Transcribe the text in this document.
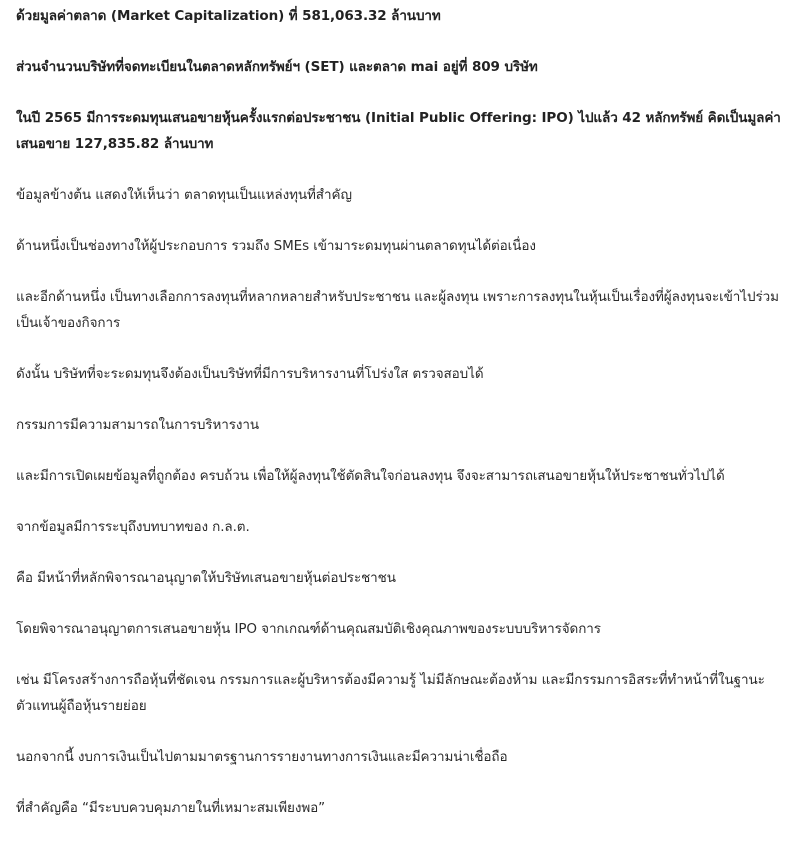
ด้วยมูลค่าตลาด (Market Capitalization) ที่ 581,063.32 ล้านบาท

ส่วนจำนวนบริษัทที่จดทะเบียนในตลาดหลักทรัพย์ฯ (SET) และตลาด mai อยู่ที่ 809 บริษัท

ในปี 2565 มีการระดมทุนเสนอขายหุ้นครั้งแรกต่อประชาชน (Initial Public Offering: IPO) ไปแล้ว 42 หลักทรัพย์ คิดเป็นมูลค่าเสนอขาย 127,835.82 ล้านบาท

ข้อมูลข้างต้น แสดงให้เห็นว่า ตลาดทุนเป็นแหล่งทุนที่สำคัญ

ด้านหนึ่งเป็นช่องทางให้ผู้ประกอบการ รวมถึง SMEs เข้ามาระดมทุนผ่านตลาดทุนได้ต่อเนื่อง

และอีกด้านหนึ่ง เป็นทางเลือกการลงทุนที่หลากหลายสำหรับประชาชน และผู้ลงทุน เพราะการลงทุนในหุ้นเป็นเรื่องที่ผู้ลงทุนจะเข้าไปร่วมเป็นเจ้าของกิจการ

ดังนั้น บริษัทที่จะระดมทุนจึงต้องเป็นบริษัทที่มีการบริหารงานที่โปร่งใส ตรวจสอบได้

กรรมการมีความสามารถในการบริหารงาน

และมีการเปิดเผยข้อมูลที่ถูกต้อง ครบถ้วน เพื่อให้ผู้ลงทุนใช้ตัดสินใจก่อนลงทุน จึงจะสามารถเสนอขายหุ้นให้ประชาชนทั่วไปได้

จากข้อมูลมีการระบุถึงบทบาทของ ก.ล.ต.

คือ มีหน้าที่หลักพิจารณาอนุญาตให้บริษัทเสนอขายหุ้นต่อประชาชน

โดยพิจารณาอนุญาตการเสนอขายหุ้น IPO จากเกณฑ์ด้านคุณสมบัติเชิงคุณภาพของระบบบริหารจัดการ

เช่น มีโครงสร้างการถือหุ้นที่ชัดเจน กรรมการและผู้บริหารต้องมีความรู้ ไม่มีลักษณะต้องห้าม และมีกรรมการอิสระที่ทำหน้าที่ในฐานะตัวแทนผู้ถือหุ้นรายย่อย

นอกจากนี้ งบการเงินเป็นไปตามมาตรฐานการรายงานทางการเงินและมีความน่าเชื่อถือ

ที่สำคัญคือ “มีระบบควบคุมภายในที่เหมาะสมเพียงพอ”
